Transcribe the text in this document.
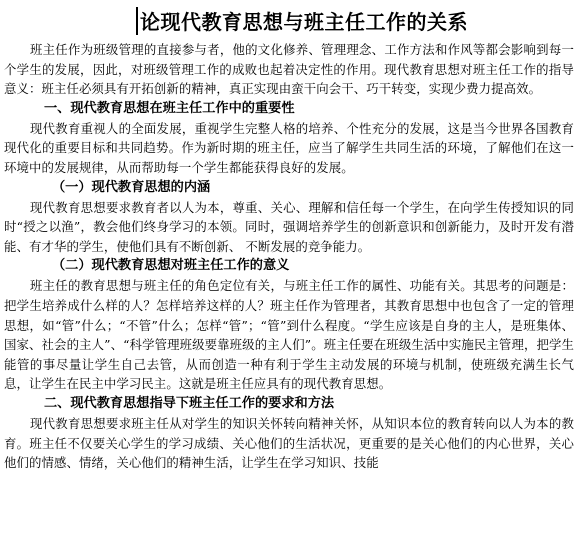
论现代教育思想与班主任工作的关系

班主任作为班级管理的直接参与者，他的文化修养、管理理念、工作方法和作风等都会影响到每一个学生的发展，因此，对班级管理工作的成败也起着决定性的作用。现代教育思想对班主任工作的指导意义：班主任必须具有开拓创新的精神，真正实现由蛮干向会干、巧干转变，实现少费力提高效。

一、现代教育思想在班主任工作中的重要性

现代教育重视人的全面发展，重视学生完整人格的培养、个性充分的发展，这是当今世界各国教育现代化的重要目标和共同趋势。作为新时期的班主任，应当了解学生共同生活的环境，了解他们在这一环境中的发展规律，从而帮助每一个学生都能获得良好的发展。

（一）现代教育思想的内涵

现代教育思想要求教育者以人为本，尊重、关心、理解和信任每一个学生，在向学生传授知识的同时“授之以渔”，教会他们终身学习的本领。同时，强调培养学生的创新意识和创新能力，及时开发有潜能、有才华的学生，使他们具有不断创新、 不断发展的竞争能力。

（二）现代教育思想对班主任工作的意义

班主任的教育思想与班主任的角色定位有关，与班主任工作的属性、功能有关。其思考的问题是：把学生培养成什么样的人？怎样培养这样的人？班主任作为管理者，其教育思想中也包含了一定的管理思想，如“管”什么；“不管”什么；怎样“管”；“管”到什么程度。“学生应该是自身的主人，是班集体、国家、社会的主人”、“科学管理班级要靠班级的主人们”。班主任要在班级生活中实施民主管理，把学生能管的事尽量让学生自己去管，从而创造一种有利于学生主动发展的环境与机制，使班级充满生长气息，让学生在民主中学习民主。这就是班主任应具有的现代教育思想。

二、现代教育思想指导下班主任工作的要求和方法

现代教育思想要求班主任从对学生的知识关怀转向精神关怀，从知识本位的教育转向以人为本的教育。班主任不仅要关心学生的学习成绩、关心他们的生活状况，更重要的是关心他们的内心世界，关心他们的情感、情绪，关心他们的精神生活，让学生在学习知识、技能
